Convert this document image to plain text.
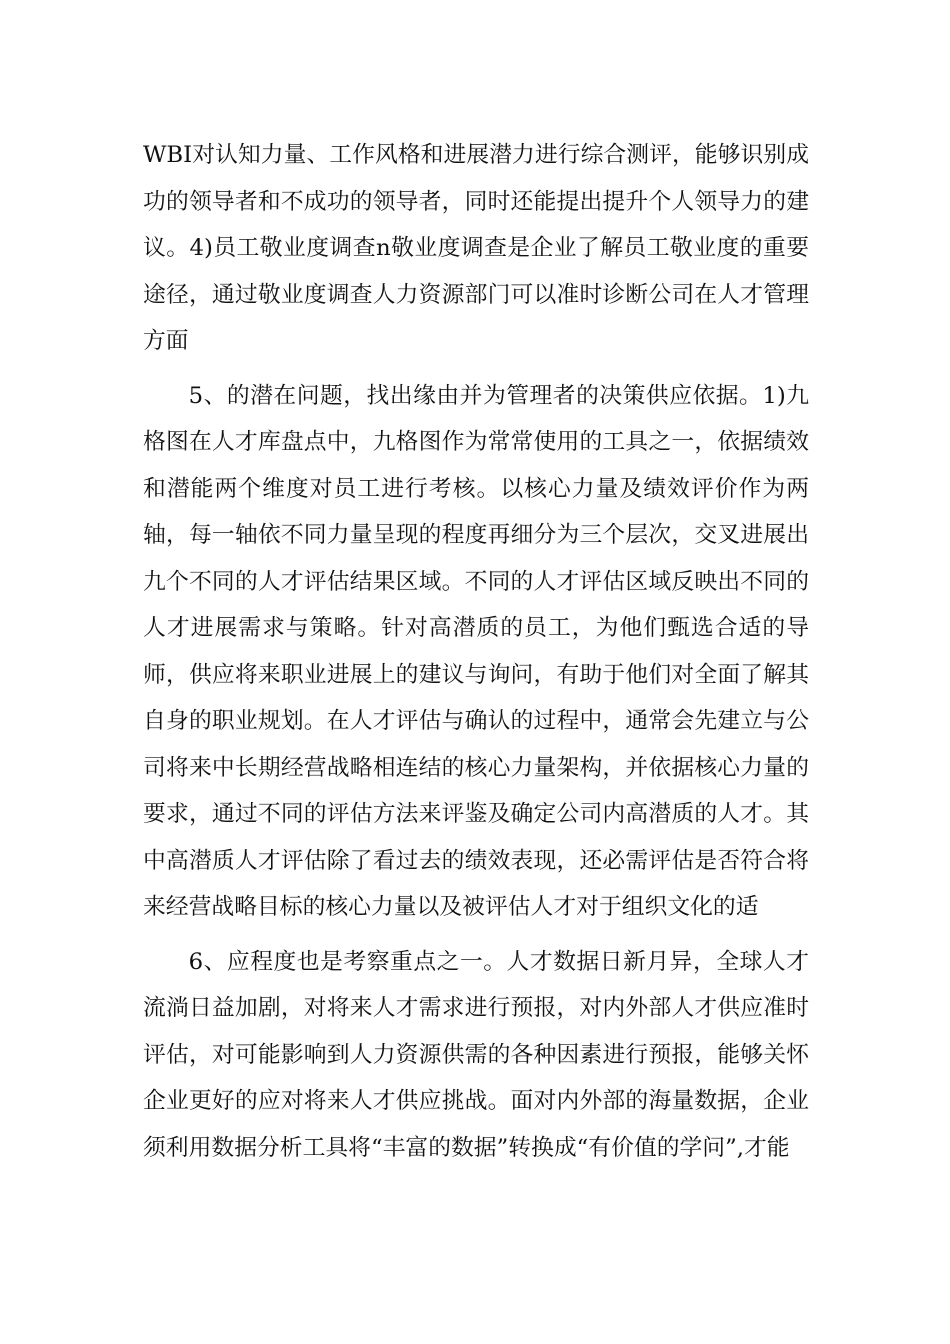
WBI对认知力量、工作风格和进展潜力进行综合测评，能够识别成功的领导者和不成功的领导者，同时还能提出提升个人领导力的建议。4)员工敬业度调查n敬业度调查是企业了解员工敬业度的重要途径，通过敬业度调查人力资源部门可以准时诊断公司在人才管理方面

5、的潜在问题，找出缘由并为管理者的决策供应依据。1)九格图在人才库盘点中，九格图作为常常使用的工具之一，依据绩效和潜能两个维度对员工进行考核。以核心力量及绩效评价作为两轴，每一轴依不同力量呈现的程度再细分为三个层次，交叉进展出九个不同的人才评估结果区域。不同的人才评估区域反映出不同的人才进展需求与策略。针对高潜质的员工，为他们甄选合适的导师，供应将来职业进展上的建议与询问，有助于他们对全面了解其自身的职业规划。在人才评估与确认的过程中，通常会先建立与公司将来中长期经营战略相连结的核心力量架构，并依据核心力量的要求，通过不同的评估方法来评鉴及确定公司内高潜质的人才。其中高潜质人才评估除了看过去的绩效表现，还必需评估是否符合将来经营战略目标的核心力量以及被评估人才对于组织文化的适

6、应程度也是考察重点之一。人才数据日新月异，全球人才流淌日益加剧，对将来人才需求进行预报，对内外部人才供应准时评估，对可能影响到人力资源供需的各种因素进行预报，能够关怀企业更好的应对将来人才供应挑战。面对内外部的海量数据，企业须利用数据分析工具将“丰富的数据”转换成“有价值的学问”,才能
